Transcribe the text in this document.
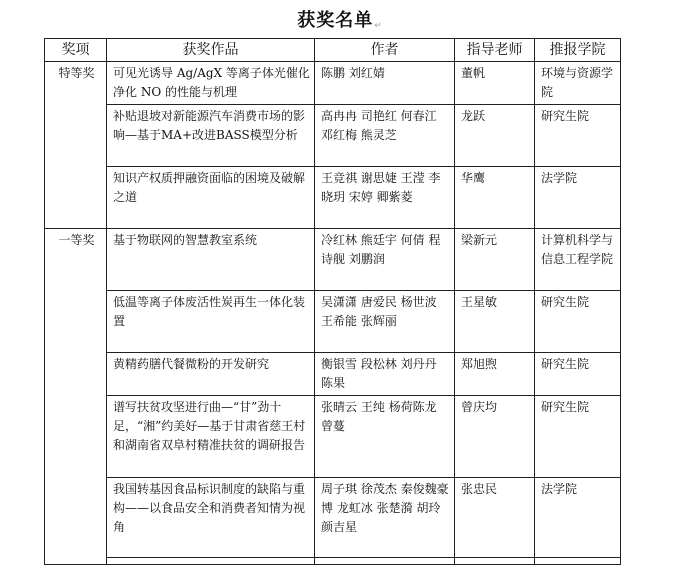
获奖名单↵
奖项	获奖作品	作者	指导老师	推报学院
特等奖	可见光诱导 Ag/AgX 等离子体光催化净化 NO 的性能与机理	陈鹏 刘红婧	董帆	环境与资源学院
	补贴退坡对新能源汽车消费市场的影响—基于MA+改进BASS模型分析	高冉冉 司艳红 何春江 邓红梅 熊灵芝	龙跃	研究生院
	知识产权质押融资面临的困境及破解之道	王竞祺 谢思婕 王滢 李晓玥 宋婷 卿紫菱	华鹰	法学院
一等奖	基于物联网的智慧教室系统	冷红林 熊廷宇 何倩 程诗舰 刘鹏润	梁新元	计算机科学与信息工程学院
	低温等离子体废活性炭再生一体化装置	吴潇潇 唐爱民 杨世波 王希能 张辉丽	王星敏	研究生院
	黄精药膳代餐微粉的开发研究	衡银雪 段松林 刘丹丹 陈果	郑旭煦	研究生院
	谱写扶贫攻坚进行曲—“甘”劲十足，“湘”约美好—基于甘肃省慈王村和湖南省双阜村精准扶贫的调研报告	张晴云 王纯 杨荷陈龙 曾蔓	曾庆均	研究生院
	我国转基因食品标识制度的缺陷与重构——以食品安全和消费者知情为视角	周子琪 徐茂杰 秦俊魏豪博 龙虹冰 张楚漪 胡玲 颜吉星	张忠民	法学院
